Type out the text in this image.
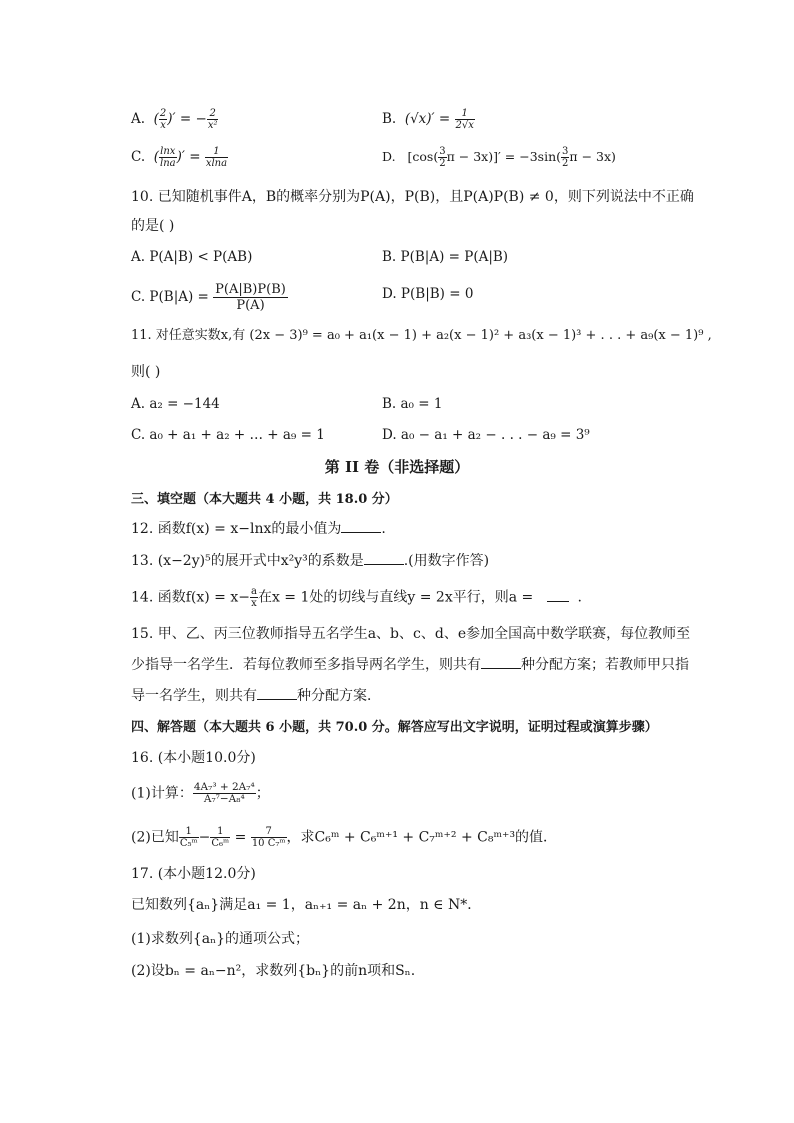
A.  ( $\frac{2}{x}$ )′ = − $\frac{2}{\text{x²}}$	B. $(√x)' = \frac{1}{2√x}$
C.  ( $\frac{\ln x}{\ln a}$ )′ = $\frac{1}{xlna}$	D. [$\cos( \frac{3}{2}$ $\pi - 3x)]' = -3\sin( \frac{3}{2}$ π − 3x)
10. 已知随机事件A，B的概率分别为P(A)，P(B)，且P(A)P(B) ≠ 0，则下列说法中不正确
的是( )
A. P(A|B) < P(AB)	B. P(B|A) = P(A|B)
C. $P(B|A) = \frac{P(A|B)P(B)}{P(A)}$	D. P(B|B) = 0
11. 对任意实数x,有 (2x − 3)⁹ = a₀ + a₁(x − 1) + a₂(x − 1)² + a₃(x − 1)³ + . . . + a₉(x − 1)⁹ ,
则( )
A. a₂ = −144	B. a₀ = 1
C. a₀ + a₁ + a₂ + … + a₉ = 1	D. a₀ − a₁ + a₂ − . . . − a₉ = 3⁹
第 II 卷（非选择题）
三、填空题（本大题共 4 小题，共 18.0 分）
12. 函数f(x) = x−lnx的最小值为	.
13. (x−2y)⁵的展开式中x²y³的系数是	.(用数字作答)
14. 函数$f(x) = x- \frac{a}{x}$ 在x = 1处的切线与直线y = 2x平行，则a =	.
15. 甲、乙、丙三位教师指导五名学生a、b、c、d、e参加全国高中数学联赛，每位教师至
少指导一名学生．若每位教师至多指导两名学生，则共有	种分配方案；若教师甲只指
导一名学生，则共有	种分配方案．
四、解答题（本大题共 6 小题，共 70.0 分。解答应写出文字说明，证明过程或演算步骤）
16. (本小题10.0分)
(1)计算： $\frac{\text{4A₇³ + 2A₇⁴}}{\text{A₇⁷−A₈⁴}}$ ；
(2)已知 $\frac{1}{\text{C₅ᵐ}} - \frac{1}{\text{C₆ᵐ}} = \frac{7}{\text{10 C₇ᵐ}}$ ，求C₆ᵐ + C₆ᵐ⁺¹ + C₇ᵐ⁺² + C₈ᵐ⁺³的值．
17. (本小题12.0分)
已知数列{aₙ}满足a₁ = 1，aₙ₊₁ = aₙ + 2n，n ∈ N*．
(1)求数列{aₙ}的通项公式；
(2)设bₙ = aₙ−n²，求数列{bₙ}的前n项和Sₙ.
